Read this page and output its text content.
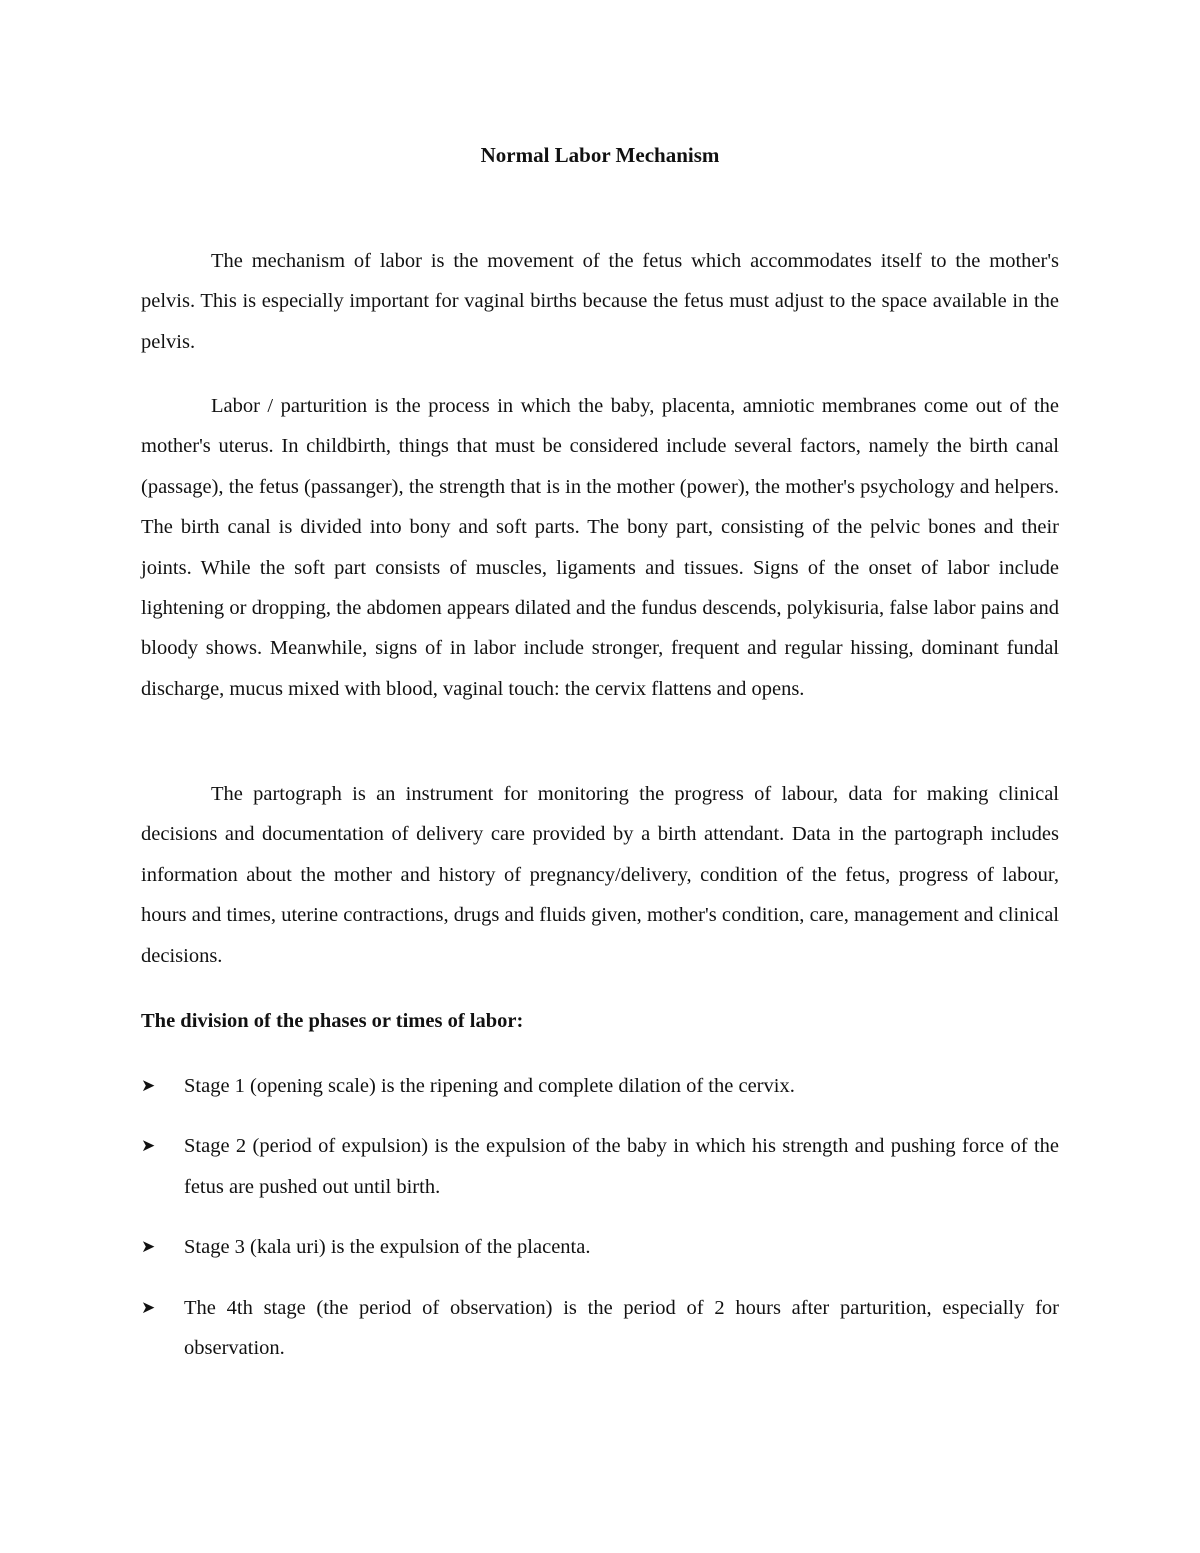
Normal Labor Mechanism

The mechanism of labor is the movement of the fetus which accommodates itself to the mother's pelvis. This is especially important for vaginal births because the fetus must adjust to the space available in the pelvis.

Labor / parturition is the process in which the baby, placenta, amniotic membranes come out of the mother's uterus. In childbirth, things that must be considered include several factors, namely the birth canal (passage), the fetus (passanger), the strength that is in the mother (power), the mother's psychology and helpers. The birth canal is divided into bony and soft parts. The bony part, consisting of the pelvic bones and their joints. While the soft part consists of muscles, ligaments and tissues. Signs of the onset of labor include lightening or dropping, the abdomen appears dilated and the fundus descends, polykisuria, false labor pains and bloody shows. Meanwhile, signs of in labor include stronger, frequent and regular hissing, dominant fundal discharge, mucus mixed with blood, vaginal touch: the cervix flattens and opens.

The partograph is an instrument for monitoring the progress of labour, data for making clinical decisions and documentation of delivery care provided by a birth attendant. Data in the partograph includes information about the mother and history of pregnancy/delivery, condition of the fetus, progress of labour, hours and times, uterine contractions, drugs and fluids given, mother's condition, care, management and clinical decisions.

The division of the phases or times of labor:
➤	Stage 1 (opening scale) is the ripening and complete dilation of the cervix.
➤	Stage 2 (period of expulsion) is the expulsion of the baby in which his strength and pushing force of the fetus are pushed out until birth.
➤	Stage 3 (kala uri) is the expulsion of the placenta.
➤	The 4th stage (the period of observation) is the period of 2 hours after parturition, especially for observation.
